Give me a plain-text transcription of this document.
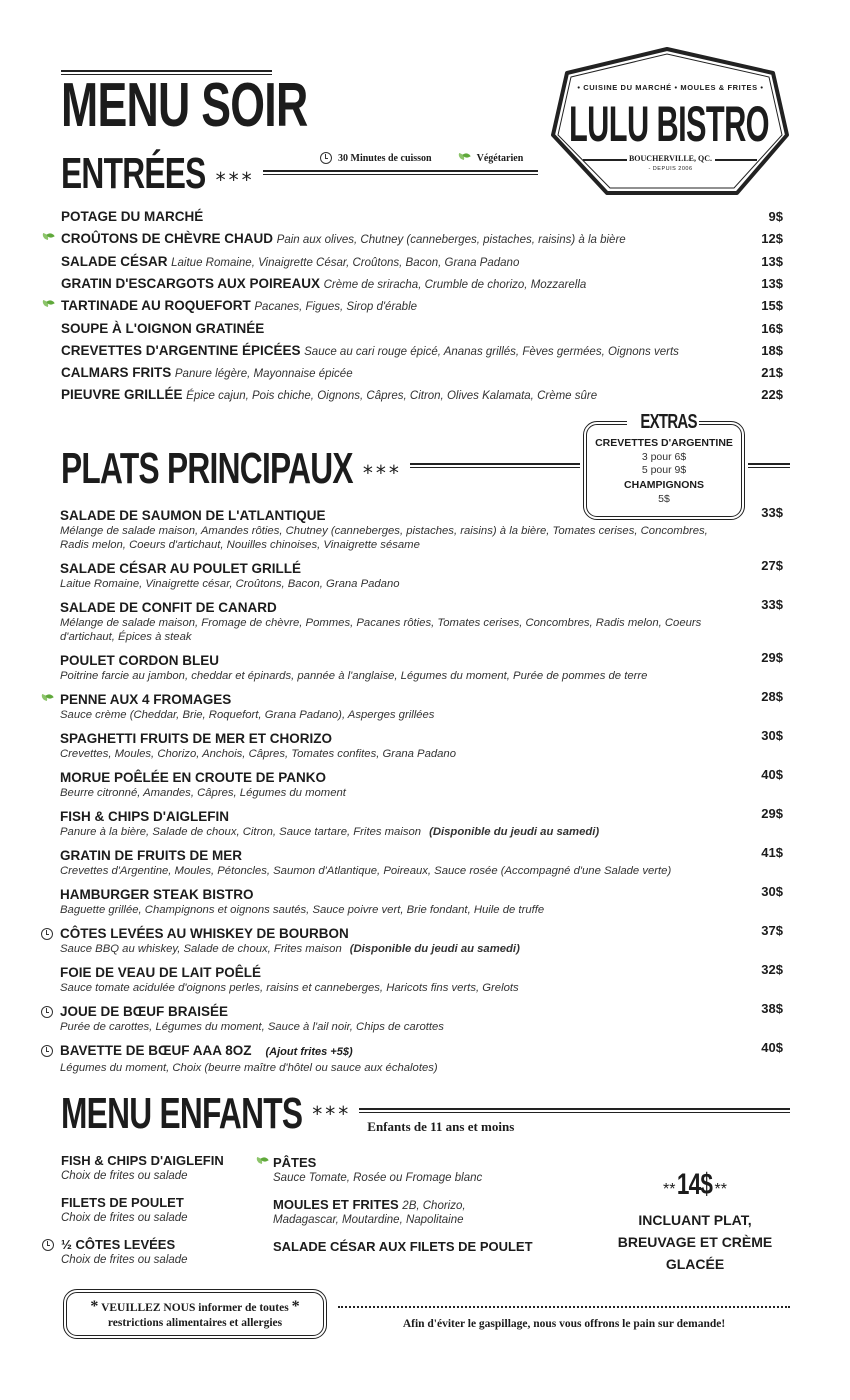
MENU SOIR	• CUISINE DU MARCHÉ • MOULES & FRITES •
LULU BISTRO
BOUCHERVILLE, QC.
- DEPUIS 2006
ENTRÉES ***
30 Minutes de cuisson	Végétarien
POTAGE DU MARCHÉ	9$
CROÛTONS DE CHÈVRE CHAUD Pain aux olives, Chutney (canneberges, pistaches, raisins) à la bière	12$
SALADE CÉSAR Laitue Romaine, Vinaigrette César, Croûtons, Bacon, Grana Padano	13$
GRATIN D'ESCARGOTS AUX POIREAUX Crème de sriracha, Crumble de chorizo, Mozzarella	13$
TARTINADE AU ROQUEFORT Pacanes, Figues, Sirop d'érable	15$
SOUPE À L'OIGNON GRATINÉE	16$
CREVETTES D'ARGENTINE ÉPICÉES Sauce au cari rouge épicé, Ananas grillés, Fèves germées, Oignons verts	18$
CALMARS FRITS Panure légère, Mayonnaise épicée	21$
PIEUVRE GRILLÉE Épice cajun, Pois chiche, Oignons, Câpres, Citron, Olives Kalamata, Crème sûre	22$
EXTRAS
CREVETTES D'ARGENTINE
3 pour 6$
5 pour 9$
CHAMPIGNONS
5$
PLATS PRINCIPAUX ***
SALADE DE SAUMON DE L'ATLANTIQUE
Mélange de salade maison, Amandes rôties, Chutney (canneberges, pistaches, raisins) à la bière, Tomates cerises, Concombres, Radis melon, Coeurs d'artichaut, Nouilles chinoises, Vinaigrette sésame
33$
SALADE CÉSAR AU POULET GRILLÉ
Laitue Romaine, Vinaigrette césar, Croûtons, Bacon, Grana Padano
27$
SALADE DE CONFIT DE CANARD
Mélange de salade maison, Fromage de chèvre, Pommes, Pacanes rôties, Tomates cerises, Concombres, Radis melon, Coeurs d'artichaut, Épices à steak
33$
POULET CORDON BLEU
Poitrine farcie au jambon, cheddar et épinards, pannée à l'anglaise, Légumes du moment, Purée de pommes de terre
29$
PENNE AUX 4 FROMAGES
Sauce crème (Cheddar, Brie, Roquefort, Grana Padano), Asperges grillées
28$
SPAGHETTI FRUITS DE MER ET CHORIZO
Crevettes, Moules, Chorizo, Anchois, Câpres, Tomates confites, Grana Padano
30$
MORUE POÊLÉE EN CROUTE DE PANKO
Beurre citronné, Amandes, Câpres, Légumes du moment
40$
FISH & CHIPS D'AIGLEFIN
Panure à la bière, Salade de choux, Citron, Sauce tartare, Frites maison (Disponible du jeudi au samedi)
29$
GRATIN DE FRUITS DE MER
Crevettes d'Argentine, Moules, Pétoncles, Saumon d'Atlantique, Poireaux, Sauce rosée (Accompagné d'une Salade verte)
41$
HAMBURGER STEAK BISTRO
Baguette grillée, Champignons et oignons sautés, Sauce poivre vert, Brie fondant, Huile de truffe
30$
CÔTES LEVÉES AU WHISKEY DE BOURBON
Sauce BBQ au whiskey, Salade de choux, Frites maison (Disponible du jeudi au samedi)
37$
FOIE DE VEAU DE LAIT POÊLÉ
Sauce tomate acidulée d'oignons perles, raisins et canneberges, Haricots fins verts, Grelots
32$
JOUE DE BŒUF BRAISÉE
Purée de carottes, Légumes du moment, Sauce à l'ail noir, Chips de carottes
38$
BAVETTE DE BŒUF AAA 8OZ (Ajout frites +5$)
Légumes du moment, Choix (beurre maître d'hôtel ou sauce aux échalotes)
40$
MENU ENFANTS ***
Enfants de 11 ans et moins
FISH & CHIPS D'AIGLEFIN
Choix de frites ou salade
FILETS DE POULET
Choix de frites ou salade
½ CÔTES LEVÉES
Choix de frites ou salade
PÂTES
Sauce Tomate, Rosée ou Fromage blanc
MOULES ET FRITES 2B, Chorizo,
Madagascar, Moutardine, Napolitaine
SALADE CÉSAR AUX FILETS DE POULET
**14$ **
INCLUANT PLAT, BREUVAGE ET CRÈME GLACÉE
* VEUILLEZ NOUS informer de toutes *
restrictions alimentaires et allergies	Afin d'éviter le gaspillage, nous vous offrons le pain sur demande!
